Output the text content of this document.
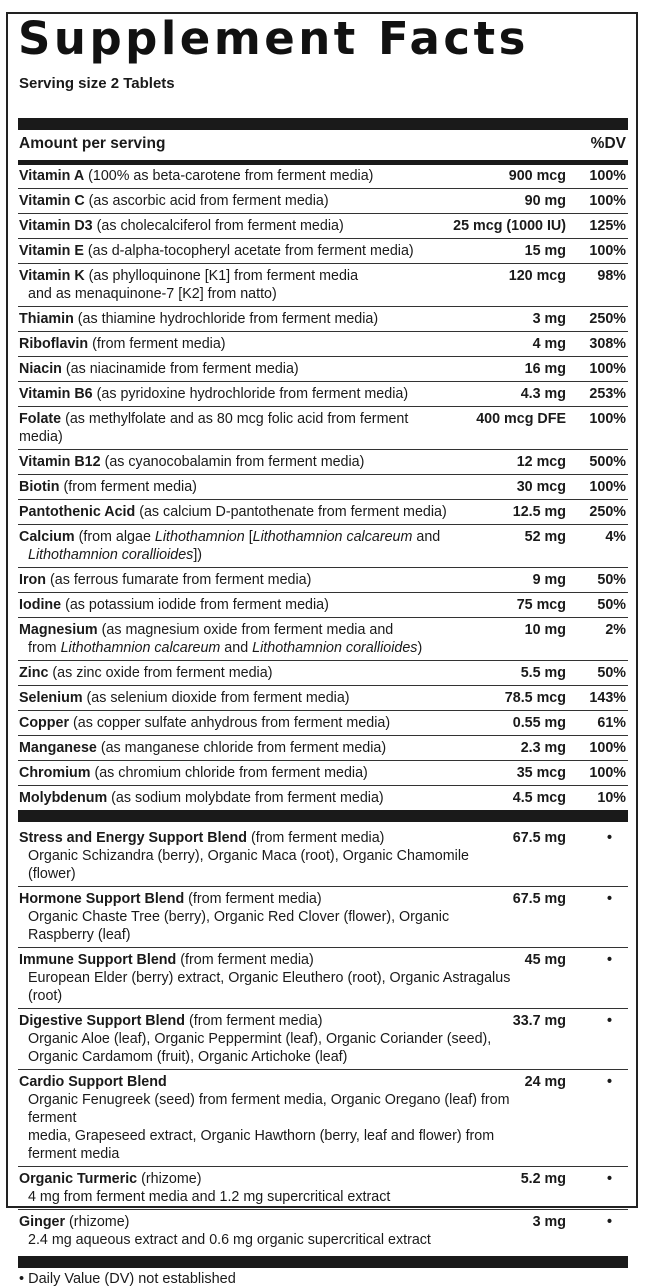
Supplement Facts
Serving size 2 Tablets
Amount per serving	%DV
Vitamin A (100% as beta-carotene from ferment media)	900 mcg 100%
Vitamin C (as ascorbic acid from ferment media)	90 mg 100%
Vitamin D3 (as cholecalciferol from ferment media)	25 mcg (1000 IU) 125%
Vitamin E (as d-alpha-tocopheryl acetate from ferment media)	15 mg 100%
Vitamin K (as phylloquinone [K1] from ferment media
and as menaquinone-7 [K2] from natto)
120 mcg 98%
Thiamin (as thiamine hydrochloride from ferment media)	3 mg 250%
Riboflavin (from ferment media)	4 mg 308%
Niacin (as niacinamide from ferment media)	16 mg 100%
Vitamin B6 (as pyridoxine hydrochloride from ferment media)	4.3 mg 253%
Folate (as methylfolate and as 80 mcg folic acid from ferment media)
400 mcg DFE 100%
Vitamin B12 (as cyanocobalamin from ferment media)	12 mcg 500%
Biotin (from ferment media)	30 mcg 100%
Pantothenic Acid (as calcium D-pantothenate from ferment media)	12.5 mg 250%
Calcium (from algae Lithothamnion [Lithothamnion calcareum and
Lithothamnion corallioides])
52 mg	4%
Iron (as ferrous fumarate from ferment media)	9 mg 50%
Iodine (as potassium iodide from ferment media)	75 mcg 50%
Magnesium (as magnesium oxide from ferment media and
from Lithothamnion calcareum and Lithothamnion corallioides)
10 mg	2%
Zinc (as zinc oxide from ferment media)	5.5 mg 50%
Selenium (as selenium dioxide from ferment media)	78.5 mcg 143%
Copper (as copper sulfate anhydrous from ferment media)	0.55 mg 61%
Manganese (as manganese chloride from ferment media)	2.3 mg 100%
Chromium (as chromium chloride from ferment media)	35 mcg 100%
Molybdenum (as sodium molybdate from ferment media)	4.5 mcg 10%
Stress and Energy Support Blend (from ferment media)
Organic Schizandra (berry), Organic Maca (root), Organic Chamomile (flower)
67.5 mg	•
Hormone Support Blend (from ferment media)
Organic Chaste Tree (berry), Organic Red Clover (flower), Organic Raspberry (leaf)
67.5 mg	•
Immune Support Blend (from ferment media)
European Elder (berry) extract, Organic Eleuthero (root), Organic Astragalus (root)
45 mg	•
Digestive Support Blend (from ferment media)
Organic Aloe (leaf), Organic Peppermint (leaf), Organic Coriander (seed),
Organic Cardamom (fruit), Organic Artichoke (leaf)
33.7 mg	•
Cardio Support Blend
Organic Fenugreek (seed) from ferment media, Organic Oregano (leaf) from ferment
media, Grapeseed extract, Organic Hawthorn (berry, leaf and flower) from ferment media
24 mg	•
Organic Turmeric (rhizome)
4 mg from ferment media and 1.2 mg supercritical extract
5.2 mg	•
Ginger (rhizome)
2.4 mg aqueous extract and 0.6 mg organic supercritical extract
3 mg	•
• Daily Value (DV) not established
